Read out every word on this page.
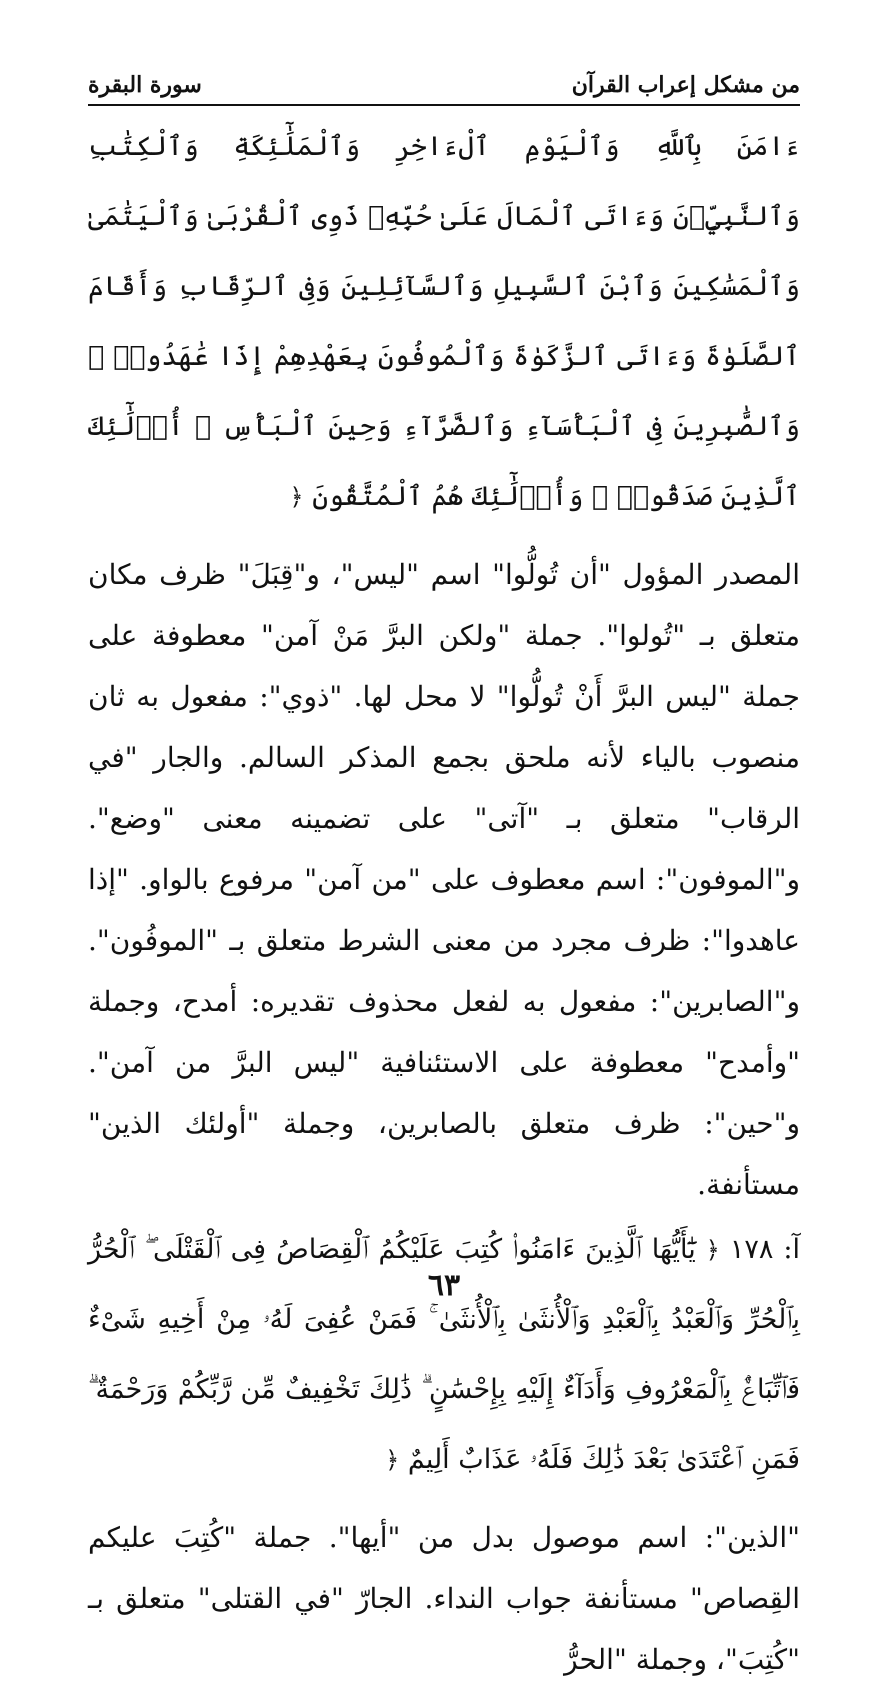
من مشكل إعراب القرآن
سورة البقرة
ءَامَنَ بِٱللَّهِ وَٱلْيَوْمِ ٱلْءَاخِرِ وَٱلْمَلَٰٓئِكَةِ وَٱلْكِتَٰبِ وَٱلنَّبِيِّۦنَ وَءَاتَى ٱلْمَالَ عَلَىٰ حُبِّهِۦ ذَوِى ٱلْقُرْبَىٰ وَٱلْيَتَٰمَىٰ وَٱلْمَسَٰكِينَ وَٱبْنَ ٱلسَّبِيلِ وَٱلسَّآئِلِينَ وَفِى ٱلرِّقَابِ وَأَقَامَ ٱلصَّلَوٰةَ وَءَاتَى ٱلزَّكَوٰةَ وَٱلْمُوفُونَ بِعَهْدِهِمْ إِذَا عَٰهَدُوا۟ ۖ وَٱلصَّٰبِرِينَ فِى ٱلْبَأْسَآءِ وَٱلضَّرَّآءِ وَحِينَ ٱلْبَأْسِ ۗ أُو۟لَٰٓئِكَ ٱلَّذِينَ صَدَقُوا۟ ۖ وَأُو۟لَٰٓئِكَ هُمُ ٱلْمُتَّقُونَ ﴿

المصدر المؤول "أن تُولُّوا" اسم "ليس"، و"قِبَلَ" ظرف مكان متعلق بـ "تُولوا". جملة "ولكن البرَّ مَنْ آمن" معطوفة على جملة "ليس البرَّ أَنْ تُولُّوا" لا محل لها. "ذوي": مفعول به ثان منصوب بالياء لأنه ملحق بجمع المذكر السالم. والجار "في الرقاب" متعلق بـ "آتى" على تضمينه معنى "وضع". و"الموفون": اسم معطوف على "من آمن" مرفوع بالواو. "إذا عاهدوا": ظرف مجرد من معنى الشرط متعلق بـ "الموفُون". و"الصابرين": مفعول به لفعل محذوف تقديره: أمدح، وجملة "وأمدح" معطوفة على الاستئنافية "ليس البرَّ من آمن". و"حين": ظرف متعلق بالصابرين، وجملة "أولئك الذين" مستأنفة.

آ: ١٧٨ ﴿ يَٰٓأَيُّهَا ٱلَّذِينَ ءَامَنُوا۟ كُتِبَ عَلَيْكُمُ ٱلْقِصَاصُ فِى ٱلْقَتْلَى ۖ ٱلْحُرُّ بِٱلْحُرِّ وَٱلْعَبْدُ بِٱلْعَبْدِ وَٱلْأُنثَىٰ بِٱلْأُنثَىٰ ۚ فَمَنْ عُفِىَ لَهُۥ مِنْ أَخِيهِ شَىْءٌ فَٱتِّبَاعٌۢ بِٱلْمَعْرُوفِ وَأَدَآءٌ إِلَيْهِ بِإِحْسَٰنٍ ۗ ذَٰلِكَ تَخْفِيفٌ مِّن رَّبِّكُمْ وَرَحْمَةٌ ۗ فَمَنِ ٱعْتَدَىٰ بَعْدَ ذَٰلِكَ فَلَهُۥ عَذَابٌ أَلِيمٌ ﴿

"الذين": اسم موصول بدل من "أيها". جملة "كُتِبَ عليكم القِصاص" مستأنفة جواب النداء. الجارّ "في القتلى" متعلق بـ "كُتِبَ"، وجملة "الحرُّ

٦٣
